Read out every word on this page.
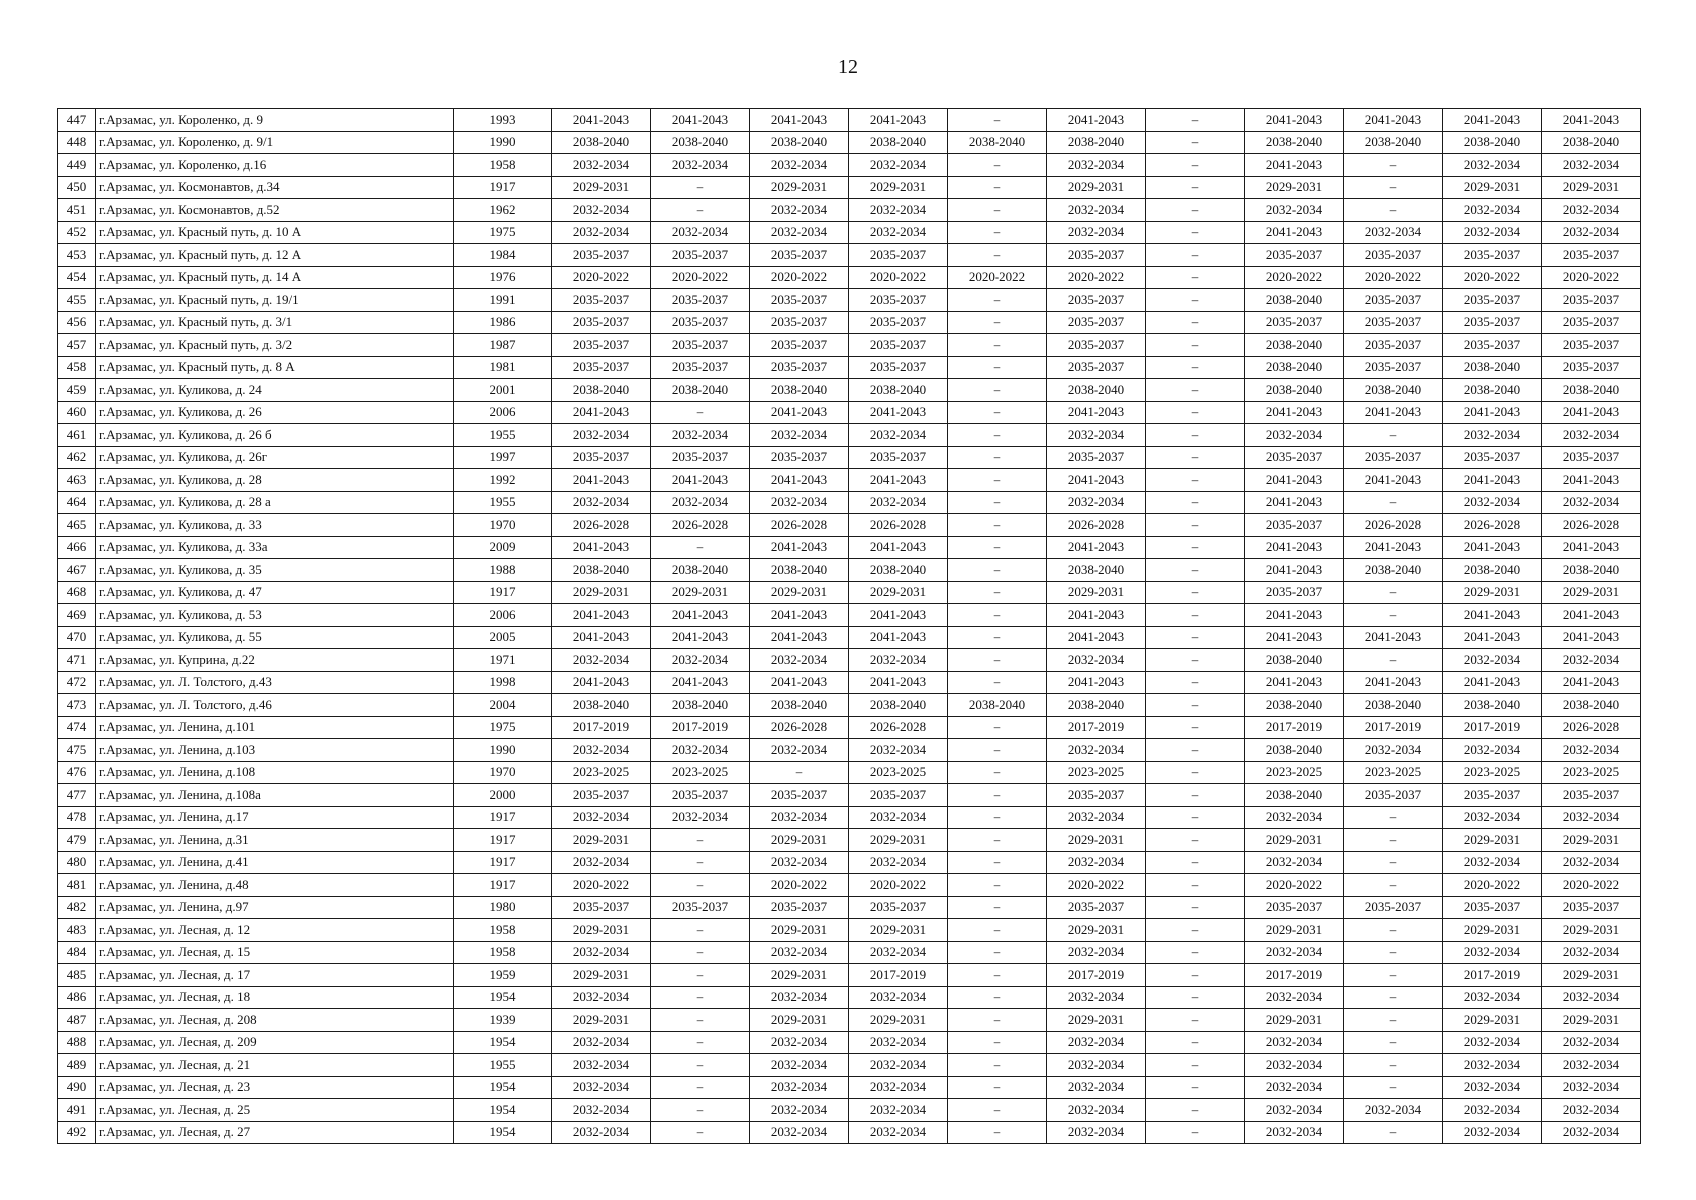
12
447	г.Арзамас, ул. Короленко, д. 9	1993	2041-2043	2041-2043	2041-2043	2041-2043	–	2041-2043	–	2041-2043	2041-2043	2041-2043	2041-2043
448	г.Арзамас, ул. Короленко, д. 9/1	1990	2038-2040	2038-2040	2038-2040	2038-2040	2038-2040	2038-2040	–	2038-2040	2038-2040	2038-2040	2038-2040
449	г.Арзамас, ул. Короленко, д.16	1958	2032-2034	2032-2034	2032-2034	2032-2034	–	2032-2034	–	2041-2043	–	2032-2034	2032-2034
450	г.Арзамас, ул. Космонавтов, д.34	1917	2029-2031	–	2029-2031	2029-2031	–	2029-2031	–	2029-2031	–	2029-2031	2029-2031
451	г.Арзамас, ул. Космонавтов, д.52	1962	2032-2034	–	2032-2034	2032-2034	–	2032-2034	–	2032-2034	–	2032-2034	2032-2034
452	г.Арзамас, ул. Красный путь, д. 10 А	1975	2032-2034	2032-2034	2032-2034	2032-2034	–	2032-2034	–	2041-2043	2032-2034	2032-2034	2032-2034
453	г.Арзамас, ул. Красный путь, д. 12 А	1984	2035-2037	2035-2037	2035-2037	2035-2037	–	2035-2037	–	2035-2037	2035-2037	2035-2037	2035-2037
454	г.Арзамас, ул. Красный путь, д. 14 А	1976	2020-2022	2020-2022	2020-2022	2020-2022	2020-2022	2020-2022	–	2020-2022	2020-2022	2020-2022	2020-2022
455	г.Арзамас, ул. Красный путь, д. 19/1	1991	2035-2037	2035-2037	2035-2037	2035-2037	–	2035-2037	–	2038-2040	2035-2037	2035-2037	2035-2037
456	г.Арзамас, ул. Красный путь, д. 3/1	1986	2035-2037	2035-2037	2035-2037	2035-2037	–	2035-2037	–	2035-2037	2035-2037	2035-2037	2035-2037
457	г.Арзамас, ул. Красный путь, д. 3/2	1987	2035-2037	2035-2037	2035-2037	2035-2037	–	2035-2037	–	2038-2040	2035-2037	2035-2037	2035-2037
458	г.Арзамас, ул. Красный путь, д. 8 А	1981	2035-2037	2035-2037	2035-2037	2035-2037	–	2035-2037	–	2038-2040	2035-2037	2038-2040	2035-2037
459	г.Арзамас, ул. Куликова, д. 24	2001	2038-2040	2038-2040	2038-2040	2038-2040	–	2038-2040	–	2038-2040	2038-2040	2038-2040	2038-2040
460	г.Арзамас, ул. Куликова, д. 26	2006	2041-2043	–	2041-2043	2041-2043	–	2041-2043	–	2041-2043	2041-2043	2041-2043	2041-2043
461	г.Арзамас, ул. Куликова, д. 26 б	1955	2032-2034	2032-2034	2032-2034	2032-2034	–	2032-2034	–	2032-2034	–	2032-2034	2032-2034
462	г.Арзамас, ул. Куликова, д. 26г	1997	2035-2037	2035-2037	2035-2037	2035-2037	–	2035-2037	–	2035-2037	2035-2037	2035-2037	2035-2037
463	г.Арзамас, ул. Куликова, д. 28	1992	2041-2043	2041-2043	2041-2043	2041-2043	–	2041-2043	–	2041-2043	2041-2043	2041-2043	2041-2043
464	г.Арзамас, ул. Куликова, д. 28 а	1955	2032-2034	2032-2034	2032-2034	2032-2034	–	2032-2034	–	2041-2043	–	2032-2034	2032-2034
465	г.Арзамас, ул. Куликова, д. 33	1970	2026-2028	2026-2028	2026-2028	2026-2028	–	2026-2028	–	2035-2037	2026-2028	2026-2028	2026-2028
466	г.Арзамас, ул. Куликова, д. 33а	2009	2041-2043	–	2041-2043	2041-2043	–	2041-2043	–	2041-2043	2041-2043	2041-2043	2041-2043
467	г.Арзамас, ул. Куликова, д. 35	1988	2038-2040	2038-2040	2038-2040	2038-2040	–	2038-2040	–	2041-2043	2038-2040	2038-2040	2038-2040
468	г.Арзамас, ул. Куликова, д. 47	1917	2029-2031	2029-2031	2029-2031	2029-2031	–	2029-2031	–	2035-2037	–	2029-2031	2029-2031
469	г.Арзамас, ул. Куликова, д. 53	2006	2041-2043	2041-2043	2041-2043	2041-2043	–	2041-2043	–	2041-2043	–	2041-2043	2041-2043
470	г.Арзамас, ул. Куликова, д. 55	2005	2041-2043	2041-2043	2041-2043	2041-2043	–	2041-2043	–	2041-2043	2041-2043	2041-2043	2041-2043
471	г.Арзамас, ул. Куприна, д.22	1971	2032-2034	2032-2034	2032-2034	2032-2034	–	2032-2034	–	2038-2040	–	2032-2034	2032-2034
472	г.Арзамас, ул. Л. Толстого, д.43	1998	2041-2043	2041-2043	2041-2043	2041-2043	–	2041-2043	–	2041-2043	2041-2043	2041-2043	2041-2043
473	г.Арзамас, ул. Л. Толстого, д.46	2004	2038-2040	2038-2040	2038-2040	2038-2040	2038-2040	2038-2040	–	2038-2040	2038-2040	2038-2040	2038-2040
474	г.Арзамас, ул. Ленина, д.101	1975	2017-2019	2017-2019	2026-2028	2026-2028	–	2017-2019	–	2017-2019	2017-2019	2017-2019	2026-2028
475	г.Арзамас, ул. Ленина, д.103	1990	2032-2034	2032-2034	2032-2034	2032-2034	–	2032-2034	–	2038-2040	2032-2034	2032-2034	2032-2034
476	г.Арзамас, ул. Ленина, д.108	1970	2023-2025	2023-2025	–	2023-2025	–	2023-2025	–	2023-2025	2023-2025	2023-2025	2023-2025
477	г.Арзамас, ул. Ленина, д.108а	2000	2035-2037	2035-2037	2035-2037	2035-2037	–	2035-2037	–	2038-2040	2035-2037	2035-2037	2035-2037
478	г.Арзамас, ул. Ленина, д.17	1917	2032-2034	2032-2034	2032-2034	2032-2034	–	2032-2034	–	2032-2034	–	2032-2034	2032-2034
479	г.Арзамас, ул. Ленина, д.31	1917	2029-2031	–	2029-2031	2029-2031	–	2029-2031	–	2029-2031	–	2029-2031	2029-2031
480	г.Арзамас, ул. Ленина, д.41	1917	2032-2034	–	2032-2034	2032-2034	–	2032-2034	–	2032-2034	–	2032-2034	2032-2034
481	г.Арзамас, ул. Ленина, д.48	1917	2020-2022	–	2020-2022	2020-2022	–	2020-2022	–	2020-2022	–	2020-2022	2020-2022
482	г.Арзамас, ул. Ленина, д.97	1980	2035-2037	2035-2037	2035-2037	2035-2037	–	2035-2037	–	2035-2037	2035-2037	2035-2037	2035-2037
483	г.Арзамас, ул. Лесная, д. 12	1958	2029-2031	–	2029-2031	2029-2031	–	2029-2031	–	2029-2031	–	2029-2031	2029-2031
484	г.Арзамас, ул. Лесная, д. 15	1958	2032-2034	–	2032-2034	2032-2034	–	2032-2034	–	2032-2034	–	2032-2034	2032-2034
485	г.Арзамас, ул. Лесная, д. 17	1959	2029-2031	–	2029-2031	2017-2019	–	2017-2019	–	2017-2019	–	2017-2019	2029-2031
486	г.Арзамас, ул. Лесная, д. 18	1954	2032-2034	–	2032-2034	2032-2034	–	2032-2034	–	2032-2034	–	2032-2034	2032-2034
487	г.Арзамас, ул. Лесная, д. 208	1939	2029-2031	–	2029-2031	2029-2031	–	2029-2031	–	2029-2031	–	2029-2031	2029-2031
488	г.Арзамас, ул. Лесная, д. 209	1954	2032-2034	–	2032-2034	2032-2034	–	2032-2034	–	2032-2034	–	2032-2034	2032-2034
489	г.Арзамас, ул. Лесная, д. 21	1955	2032-2034	–	2032-2034	2032-2034	–	2032-2034	–	2032-2034	–	2032-2034	2032-2034
490	г.Арзамас, ул. Лесная, д. 23	1954	2032-2034	–	2032-2034	2032-2034	–	2032-2034	–	2032-2034	–	2032-2034	2032-2034
491	г.Арзамас, ул. Лесная, д. 25	1954	2032-2034	–	2032-2034	2032-2034	–	2032-2034	–	2032-2034	2032-2034	2032-2034	2032-2034
492	г.Арзамас, ул. Лесная, д. 27	1954	2032-2034	–	2032-2034	2032-2034	–	2032-2034	–	2032-2034	–	2032-2034	2032-2034
